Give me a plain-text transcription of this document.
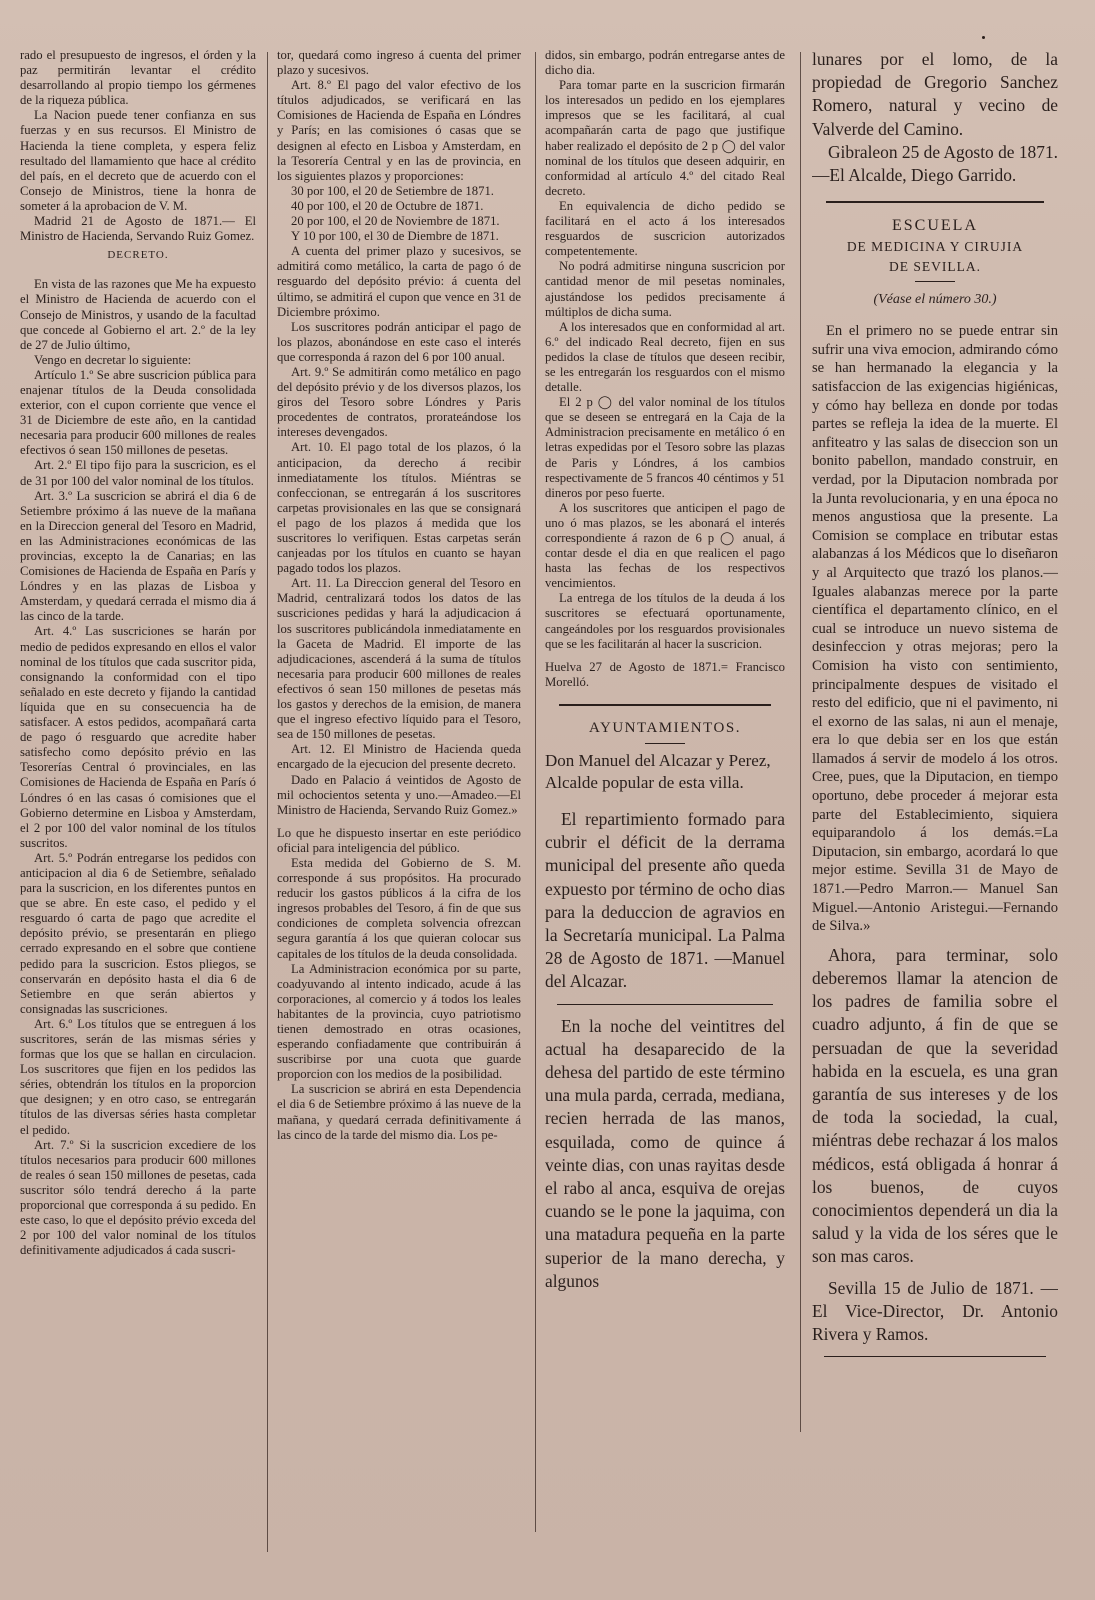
rado el presupuesto de ingresos, el órden y la paz permitirán levantar el crédito desarrollando al propio tiempo los gérmenes de la riqueza pública.

La Nacion puede tener confianza en sus fuerzas y en sus recursos. El Ministro de Hacienda la tiene completa, y espera feliz resultado del llamamiento que hace al crédito del país, en el decreto que de acuerdo con el Consejo de Ministros, tiene la honra de someter á la aprobacion de V. M.

Madrid 21 de Agosto de 1871.— El Ministro de Hacienda, Servando Ruiz Gomez.

DECRETO.

En vista de las razones que Me ha expuesto el Ministro de Hacienda de acuerdo con el Consejo de Ministros, y usando de la facultad que concede al Gobierno el art. 2.º de la ley de 27 de Julio último,

Vengo en decretar lo siguiente:

Artículo 1.º Se abre suscricion pública para enajenar títulos de la Deuda consolidada exterior, con el cupon corriente que vence el 31 de Diciembre de este año, en la cantidad necesaria para producir 600 millones de reales efectivos ó sean 150 millones de pesetas.

Art. 2.º El tipo fijo para la suscricion, es el de 31 por 100 del valor nominal de los títulos.

Art. 3.º La suscricion se abrirá el dia 6 de Setiembre próximo á las nueve de la mañana en la Direccion general del Tesoro en Madrid, en las Administraciones económicas de las provincias, excepto la de Canarias; en las Comisiones de Hacienda de España en París y Lóndres y en las plazas de Lisboa y Amsterdam, y quedará cerrada el mismo dia á las cinco de la tarde.

Art. 4.º Las suscriciones se harán por medio de pedidos expresando en ellos el valor nominal de los títulos que cada suscritor pida, consignando la conformidad con el tipo señalado en este decreto y fijando la cantidad líquida que en su consecuencia ha de satisfacer. A estos pedidos, acompañará carta de pago ó resguardo que acredite haber satisfecho como depósito prévio en las Tesorerías Central ó provinciales, en las Comisiones de Hacienda de España en París ó Lóndres ó en las casas ó comisiones que el Gobierno determine en Lisboa y Amsterdam, el 2 por 100 del valor nominal de los títulos suscritos.

Art. 5.º Podrán entregarse los pedidos con anticipacion al dia 6 de Setiembre, señalado para la suscricion, en los diferentes puntos en que se abre. En este caso, el pedido y el resguardo ó carta de pago que acredite el depósito prévio, se presentarán en pliego cerrado expresando en el sobre que contiene pedido para la suscricion. Estos pliegos, se conservarán en depósito hasta el dia 6 de Setiembre en que serán abiertos y consignadas las suscriciones.

Art. 6.º Los títulos que se entreguen á los suscritores, serán de las mismas séries y formas que los que se hallan en circulacion. Los suscritores que fijen en los pedidos las séries, obtendrán los títulos en la proporcion que designen; y en otro caso, se entregarán títulos de las diversas séries hasta completar el pedido.

Art. 7.º Si la suscricion excediere de los títulos necesarios para producir 600 millones de reales ó sean 150 millones de pesetas, cada suscritor sólo tendrá derecho á la parte proporcional que corresponda á su pedido. En este caso, lo que el depósito prévio exceda del 2 por 100 del valor nominal de los títulos definitivamente adjudicados á cada suscri-

tor, quedará como ingreso á cuenta del primer plazo y sucesivos.

Art. 8.º El pago del valor efectivo de los títulos adjudicados, se verificará en las Comisiones de Hacienda de España en Lóndres y París; en las comisiones ó casas que se designen al efecto en Lisboa y Amsterdam, en la Tesorería Central y en las de provincia, en los siguientes plazos y proporciones:

30 por 100, el 20 de Setiembre de 1871.

40 por 100, el 20 de Octubre de 1871.

20 por 100, el 20 de Noviembre de 1871.

Y 10 por 100, el 30 de Diembre de 1871.

A cuenta del primer plazo y sucesivos, se admitirá como metálico, la carta de pago ó de resguardo del depósito prévio: á cuenta del último, se admitirá el cupon que vence en 31 de Diciembre próximo.

Los suscritores podrán anticipar el pago de los plazos, abonándose en este caso el interés que corresponda á razon del 6 por 100 anual.

Art. 9.º Se admitirán como metálico en pago del depósito prévio y de los diversos plazos, los giros del Tesoro sobre Lóndres y Paris procedentes de contratos, prorateándose los intereses devengados.

Art. 10. El pago total de los plazos, ó la anticipacion, da derecho á recibir inmediatamente los títulos. Miéntras se confeccionan, se entregarán á los suscritores carpetas provisionales en las que se consignará el pago de los plazos á medida que los suscritores lo verifiquen. Estas carpetas serán canjeadas por los títulos en cuanto se hayan pagado todos los plazos.

Art. 11. La Direccion general del Tesoro en Madrid, centralizará todos los datos de las suscriciones pedidas y hará la adjudicacion á los suscritores publicándola inmediatamente en la Gaceta de Madrid. El importe de las adjudicaciones, ascenderá á la suma de títulos necesaria para producir 600 millones de reales efectivos ó sean 150 millones de pesetas más los gastos y derechos de la emision, de manera que el ingreso efectivo líquido para el Tesoro, sea de 150 millones de pesetas.

Art. 12. El Ministro de Hacienda queda encargado de la ejecucion del presente decreto.

Dado en Palacio á veintidos de Agosto de mil ochocientos setenta y uno.—Amadeo.—El Ministro de Hacienda, Servando Ruiz Gomez.»

Lo que he dispuesto insertar en este periódico oficial para inteligencia del público.

Esta medida del Gobierno de S. M. corresponde á sus propósitos. Ha procurado reducir los gastos públicos á la cifra de los ingresos probables del Tesoro, á fin de que sus condiciones de completa solvencia ofrezcan segura garantía á los que quieran colocar sus capitales de los títulos de la deuda consolidada.

La Administracion económica por su parte, coadyuvando al intento indicado, acude á las corporaciones, al comercio y á todos los leales habitantes de la provincia, cuyo patriotismo tienen demostrado en otras ocasiones, esperando confiadamente que contribuirán á suscribirse por una cuota que guarde proporcion con los medios de la posibilidad.

La suscricion se abrirá en esta Dependencia el dia 6 de Setiembre próximo á las nueve de la mañana, y quedará cerrada definitivamente á las cinco de la tarde del mismo dia. Los pe-

didos, sin embargo, podrán entregarse antes de dicho dia.

Para tomar parte en la suscricion firmarán los interesados un pedido en los ejemplares impresos que se les facilitará, al cual acompañarán carta de pago que justifique haber realizado el depósito de 2 p ◯ del valor nominal de los títulos que deseen adquirir, en conformidad al artículo 4.º del citado Real decreto.

En equivalencia de dicho pedido se facilitará en el acto á los interesados resguardos de suscricion autorizados competentemente.

No podrá admitirse ninguna suscricion por cantidad menor de mil pesetas nominales, ajustándose los pedidos precisamente á múltiplos de dicha suma.

A los interesados que en conformidad al art. 6.º del indicado Real decreto, fijen en sus pedidos la clase de títulos que deseen recibir, se les entregarán los resguardos con el mismo detalle.

El 2 p ◯ del valor nominal de los títulos que se deseen se entregará en la Caja de la Administracion precisamente en metálico ó en letras expedidas por el Tesoro sobre las plazas de Paris y Lóndres, á los cambios respectivamente de 5 francos 40 céntimos y 51 dineros por peso fuerte.

A los suscritores que anticipen el pago de uno ó mas plazos, se les abonará el interés correspondiente á razon de 6 p ◯ anual, á contar desde el dia en que realicen el pago hasta las fechas de los respectivos vencimientos.

La entrega de los títulos de la deuda á los suscritores se efectuará oportunamente, cangeándoles por los resguardos provisionales que se les facilitarán al hacer la suscricion.

Huelva 27 de Agosto de 1871.= Francisco Morelló.

AYUNTAMIENTOS.

Don Manuel del Alcazar y Perez, Alcalde popular de esta villa.

El repartimiento formado para cubrir el déficit de la derrama municipal del presente año queda expuesto por término de ocho dias para la deduccion de agravios en la Secretaría municipal. La Palma 28 de Agosto de 1871. —Manuel del Alcazar.

En la noche del veintitres del actual ha desaparecido de la dehesa del partido de este término una mula parda, cerrada, mediana, recien herrada de las manos, esquilada, como de quince á veinte dias, con unas rayitas desde el rabo al anca, esquiva de orejas cuando se le pone la jaquima, con una matadura pequeña en la parte superior de la mano derecha, y algunos

lunares por el lomo, de la propiedad de Gregorio Sanchez Romero, natural y vecino de Valverde del Camino.

Gibraleon 25 de Agosto de 1871.—El Alcalde, Diego Garrido.

ESCUELA
DE MEDICINA Y CIRUJIA
DE SEVILLA.
(Véase el número 30.)

En el primero no se puede entrar sin sufrir una viva emocion, admirando cómo se han hermanado la elegancia y la satisfaccion de las exigencias higiénicas, y cómo hay belleza en donde por todas partes se refleja la idea de la muerte. El anfiteatro y las salas de diseccion son un bonito pabellon, mandado construir, en verdad, por la Diputacion nombrada por la Junta revolucionaria, y en una época no menos angustiosa que la presente. La Comision se complace en tributar estas alabanzas á los Médicos que lo diseñaron y al Arquitecto que trazó los planos.—Iguales alabanzas merece por la parte científica el departamento clínico, en el cual se introduce un nuevo sistema de desinfeccion y otras mejoras; pero la Comision ha visto con sentimiento, principalmente despues de visitado el resto del edificio, que ni el pavimento, ni el exorno de las salas, ni aun el menaje, era lo que debia ser en los que están llamados á servir de modelo á los otros. Cree, pues, que la Diputacion, en tiempo oportuno, debe proceder á mejorar esta parte del Establecimiento, siquiera equiparandolo á los demás.=La Diputacion, sin embargo, acordará lo que mejor estime. Sevilla 31 de Mayo de 1871.—Pedro Marron.— Manuel San Miguel.—Antonio Aristegui.—Fernando de Silva.»

Ahora, para terminar, solo deberemos llamar la atencion de los padres de familia sobre el cuadro adjunto, á fin de que se persuadan de que la severidad habida en la escuela, es una gran garantía de sus intereses y de los de toda la sociedad, la cual, miéntras debe rechazar á los malos médicos, está obligada á honrar á los buenos, de cuyos conocimientos dependerá un dia la salud y la vida de los séres que le son mas caros.

Sevilla 15 de Julio de 1871. —El Vice-Director, Dr. Antonio Rivera y Ramos.
